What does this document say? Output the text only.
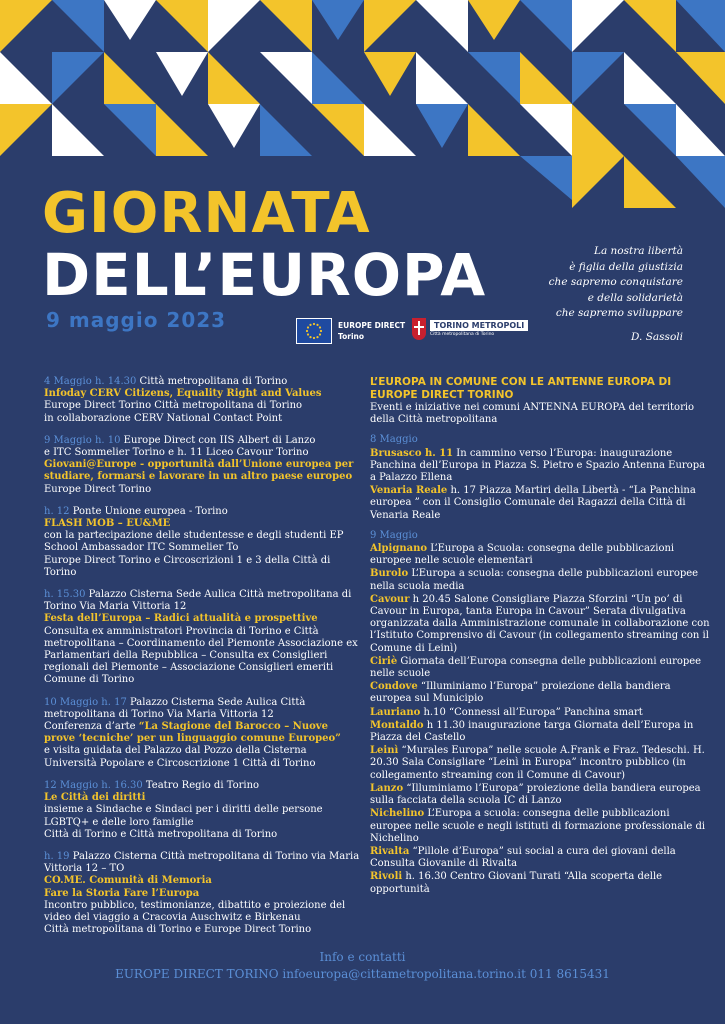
GIORNATA
DELL’EUROPA
9 maggio 2023
La nostra libertà
è figlia della giustizia
che sapremo conquistare
e della solidarietà
che sapremo sviluppare
D. Sassoli
EUROPE DIRECT
Torino
TORINO METROPOLI
Città metropolitana di Torino
4 Maggio h. 14.30 Città metropolitana di Torino
Infoday CERV Citizens, Equality Right and Values
Europe Direct Torino Città metropolitana di Torino
in collaborazione CERV National Contact Point
9 Maggio h. 10 Europe Direct con IIS Albert di Lanzo
e ITC Sommelier Torino e h. 11 Liceo Cavour Torino
Giovani@Europe - opportunità dall’Unione europea per studiare, formarsi e lavorare in un altro paese europeo
Europe Direct Torino
h. 12 Ponte Unione europea - Torino
FLASH MOB – EU&ME
con la partecipazione delle studentesse e degli studenti EP School Ambassador ITC Sommelier To
Europe Direct Torino e Circoscrizioni 1 e 3 della Città di Torino
h. 15.30 Palazzo Cisterna Sede Aulica Città metropolitana di Torino Via Maria Vittoria 12
Festa dell’Europa – Radici attualità e prospettive
Consulta ex amministratori Provincia di Torino e Città metropolitana – Coordinamento del Piemonte Associazione ex Parlamentari della Repubblica – Consulta ex Consiglieri regionali del Piemonte – Associazione Consiglieri emeriti Comune di Torino
10 Maggio h. 17 Palazzo Cisterna Sede Aulica Città metropolitana di Torino Via Maria Vittoria 12
Conferenza d’arte “La Stagione del Barocco – Nuove prove ‘tecniche’ per un linguaggio comune Europeo”
e visita guidata del Palazzo dal Pozzo della Cisterna
Università Popolare e Circoscrizione 1 Città di Torino
12 Maggio h. 16.30 Teatro Regio di Torino
Le Città dei diritti
insieme a Sindache e Sindaci per i diritti delle persone LGBTQ+ e delle loro famiglie
Città di Torino e Città metropolitana di Torino
h. 19 Palazzo Cisterna Città metropolitana di Torino via Maria Vittoria 12 – TO
CO.ME. Comunità di Memoria
Fare la Storia Fare l’Europa
Incontro pubblico, testimonianze, dibattito e proiezione del video del viaggio a Cracovia Auschwitz e Birkenau
Città metropolitana di Torino e Europe Direct Torino
L’EUROPA IN COMUNE CON LE ANTENNE EUROPA DI EUROPE DIRECT TORINO
Eventi e iniziative nei comuni ANTENNA EUROPA del territorio della Città metropolitana
8 Maggio
Brusasco h. 11 In cammino verso l’Europa: inaugurazione Panchina dell’Europa in Piazza S. Pietro e Spazio Antenna Europa a Palazzo Ellena
Venaria Reale h. 17 Piazza Martiri della Libertà - “La Panchina europea ” con il Consiglio Comunale dei Ragazzi della Città di Venaria Reale
9 Maggio
Alpignano L’Europa a Scuola: consegna delle pubblicazioni europee nelle scuole elementari
Burolo L’Europa a scuola: consegna delle pubblicazioni europee nella scuola media
Cavour h 20.45 Salone Consigliare Piazza Sforzini “Un po’ di Cavour in Europa, tanta Europa in Cavour” Serata divulgativa organizzata dalla Amministrazione comunale in collaborazione con l’Istituto Comprensivo di Cavour (in collegamento streaming con il Comune di Leinì)
Ciriè Giornata dell’Europa consegna delle pubblicazioni europee nelle scuole
Condove “Illuminiamo l’Europa” proiezione della bandiera europea sul Municipio
Lauriano h.10 “Connessi all’Europa” Panchina smart
Montaldo h 11.30 inaugurazione targa Giornata dell’Europa in Piazza del Castello
Leinì “Murales Europa” nelle scuole A.Frank e Fraz. Tedeschi. H. 20.30 Sala Consigliare “Leinì in Europa” incontro pubblico (in collegamento streaming con il Comune di Cavour)
Lanzo “Illuminiamo l’Europa” proiezione della bandiera europea sulla facciata della scuola IC di Lanzo
Nichelino L’Europa a scuola: consegna delle pubblicazioni europee nelle scuole e negli istituti di formazione professionale di Nichelino
Rivalta “Pillole d’Europa” sui social a cura dei giovani della Consulta Giovanile di Rivalta
Rivoli h. 16.30 Centro Giovani Turati “Alla scoperta delle opportunità
Info e contatti
EUROPE DIRECT TORINO infoeuropa@cittametropolitana.torino.it 011 8615431
